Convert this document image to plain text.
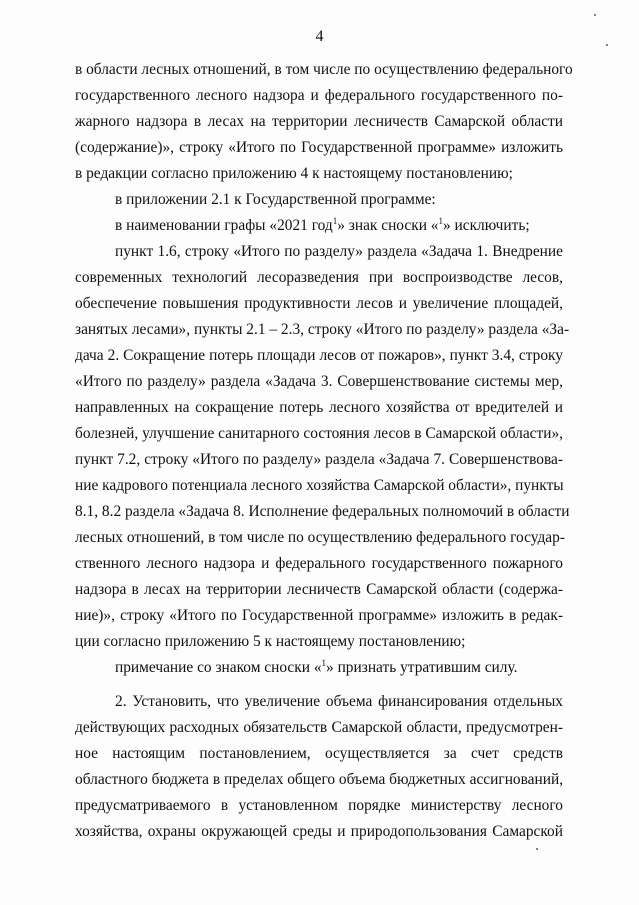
4
в области лесных отношений, в том числе по осуществлению федерального
государственного лесного надзора и федерального государственного по-
жарного надзора в лесах на территории лесничеств Самарской области
(содержание)», строку «Итого по Государственной программе» изложить
в редакции согласно приложению 4 к настоящему постановлению;
в приложении 2.1 к Государственной программе:
в наименовании графы «2021 год$^1$» знак сноски «$^1$» исключить;
пункт 1.6, строку «Итого по разделу» раздела «Задача 1. Внедрение
современных технологий лесоразведения при воспроизводстве лесов,
обеспечение повышения продуктивности лесов и увеличение площадей,
занятых лесами», пункты 2.1 – 2.3, строку «Итого по разделу» раздела «За-
дача 2. Сокращение потерь площади лесов от пожаров», пункт 3.4, строку
«Итого по разделу» раздела «Задача 3. Совершенствование системы мер,
направленных на сокращение потерь лесного хозяйства от вредителей и
болезней, улучшение санитарного состояния лесов в Самарской области»,
пункт 7.2, строку «Итого по разделу» раздела «Задача 7. Совершенствова-
ние кадрового потенциала лесного хозяйства Самарской области», пункты
8.1, 8.2 раздела «Задача 8. Исполнение федеральных полномочий в области
лесных отношений, в том числе по осуществлению федерального государ-
ственного лесного надзора и федерального государственного пожарного
надзора в лесах на территории лесничеств Самарской области (содержа-
ние)», строку «Итого по Государственной программе» изложить в редак-
ции согласно приложению 5 к настоящему постановлению;
примечание со знаком сноски «$^1$» признать утратившим силу.
2. Установить, что увеличение объема финансирования отдельных
действующих расходных обязательств Самарской области, предусмотрен-
ное настоящим постановлением, осуществляется за счет средств
областного бюджета в пределах общего объема бюджетных ассигнований,
предусматриваемого в установленном порядке министерству лесного
хозяйства, охраны окружающей среды и природопользования Самарской
